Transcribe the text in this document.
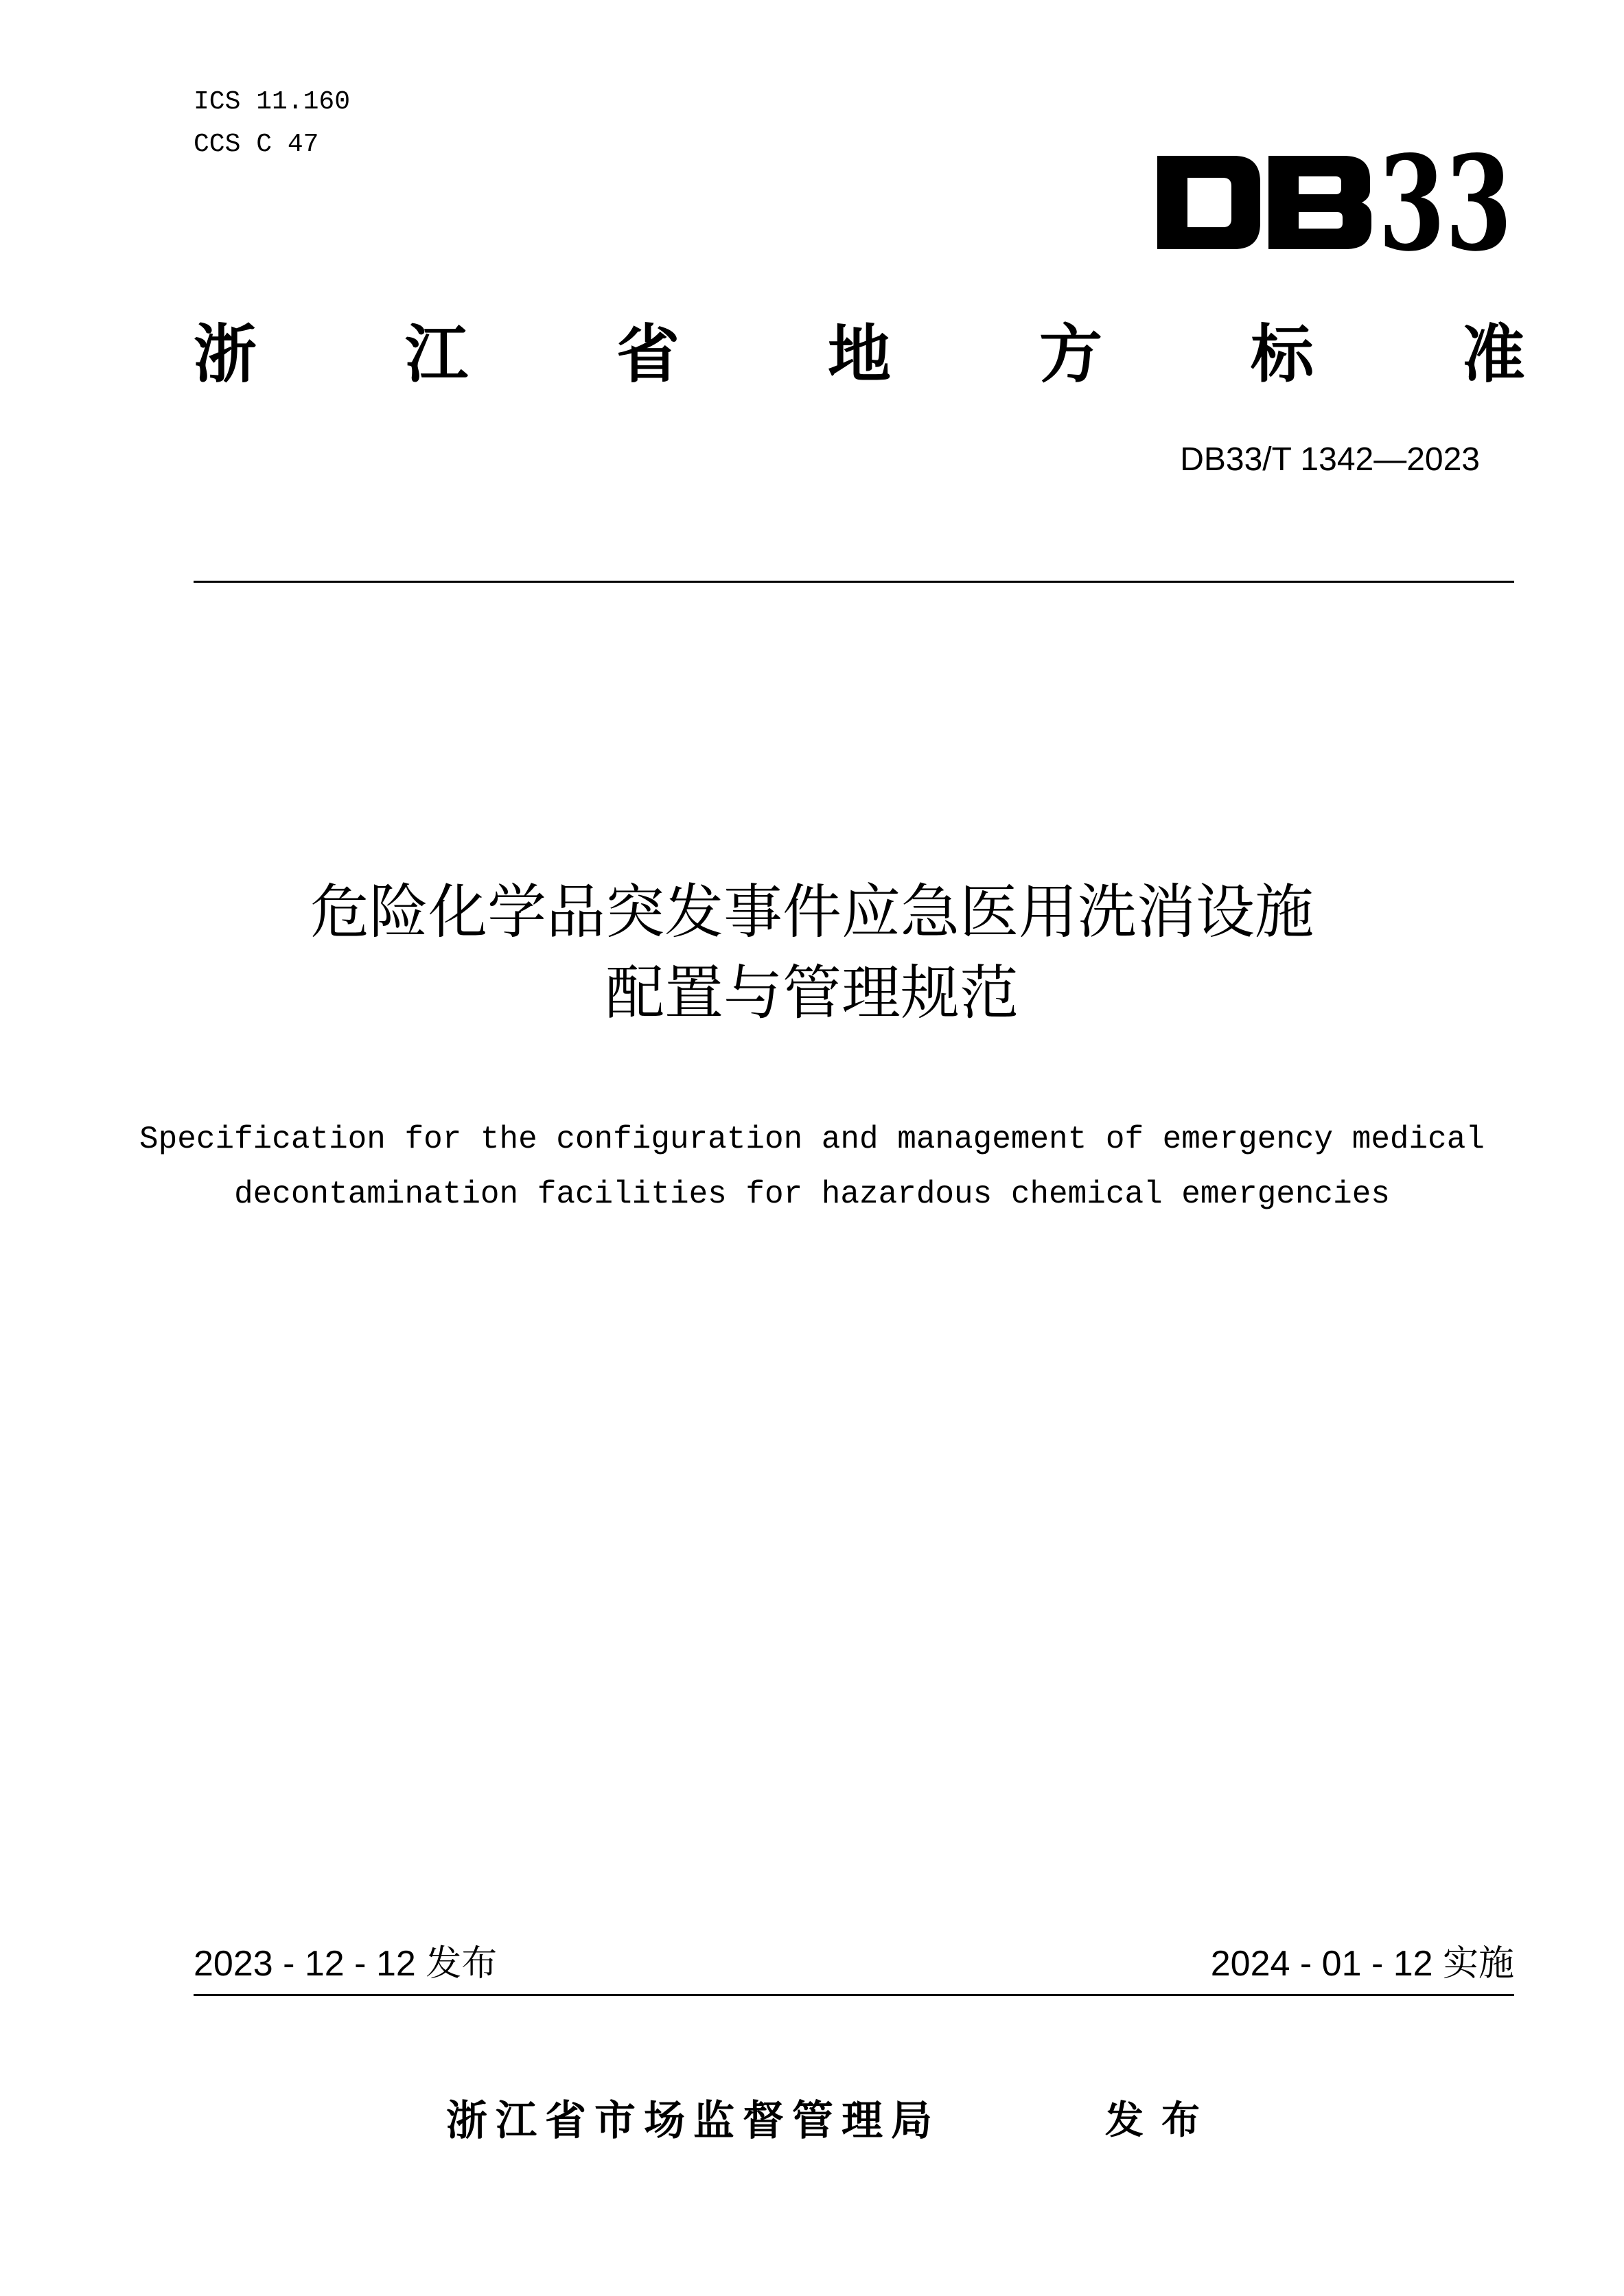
ICS 11.160
CCS C 47	33
浙 江 省 地 方 标 准
DB33/T 1342—2023
危险化学品突发事件应急医用洗消设施
配置与管理规范
Specification for the configuration and management of emergency medical
decontamination facilities for hazardous chemical emergencies
2023 - 12 - 12 发布	2024 - 01 - 12 实施
浙江省市场监督管理局	发布
